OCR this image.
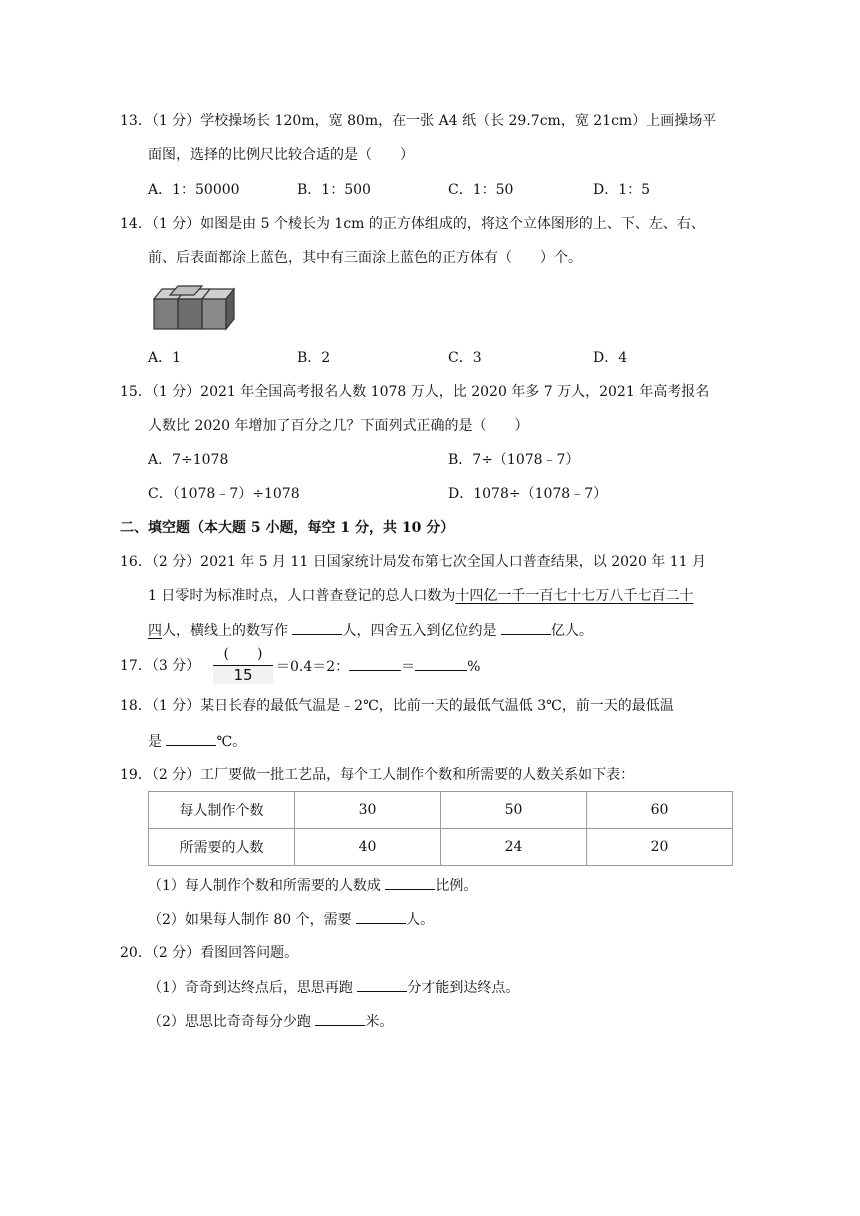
13．（1 分）学校操场长 120m，宽 80m，在一张 A4 纸（长 29.7cm，宽 21cm）上画操场平
面图，选择的比例尺比较合适的是（　　）
A．1：50000	B．1：500	C．1：50	D．1：5
14．（1 分）如图是由 5 个棱长为 1cm 的正方体组成的，将这个立体图形的上、下、左、右、
前、后表面都涂上蓝色，其中有三面涂上蓝色的正方体有（　　）个。
A．1	B．2	C．3	D．4
15．（1 分）2021 年全国高考报名人数 1078 万人，比 2020 年多 7 万人，2021 年高考报名
人数比 2020 年增加了百分之几？下面列式正确的是（　　）
A．7÷1078	B．7÷（1078﹣7）
C．（1078﹣7）÷1078	D．1078÷（1078﹣7）
二、填空题（本大题 5 小题，每空 1 分，共 10 分）
16．（2 分）2021 年 5 月 11 日国家统计局发布第七次全国人口普查结果，以 2020 年 11 月
1 日零时为标准时点，人口普查登记的总人口数为十四亿一千一百七十七万八千七百二十
四人，横线上的数写作	人，四舍五入到亿位约是	亿人。
17．（3 分）
(　　)
15	＝0.4＝2：	＝	%
18．（1 分）某日长春的最低气温是﹣2℃，比前一天的最低气温低 3℃，前一天的最低温
是	℃。
19．（2 分）工厂要做一批工艺品，每个工人制作个数和所需要的人数关系如下表：
每人制作个数	30	50	60
所需要的人数	40	24	20
（1）每人制作个数和所需要的人数成	比例。
（2）如果每人制作 80 个，需要	人。
20．（2 分）看图回答问题。
（1）奇奇到达终点后，思思再跑	分才能到达终点。
（2）思思比奇奇每分少跑	米。
